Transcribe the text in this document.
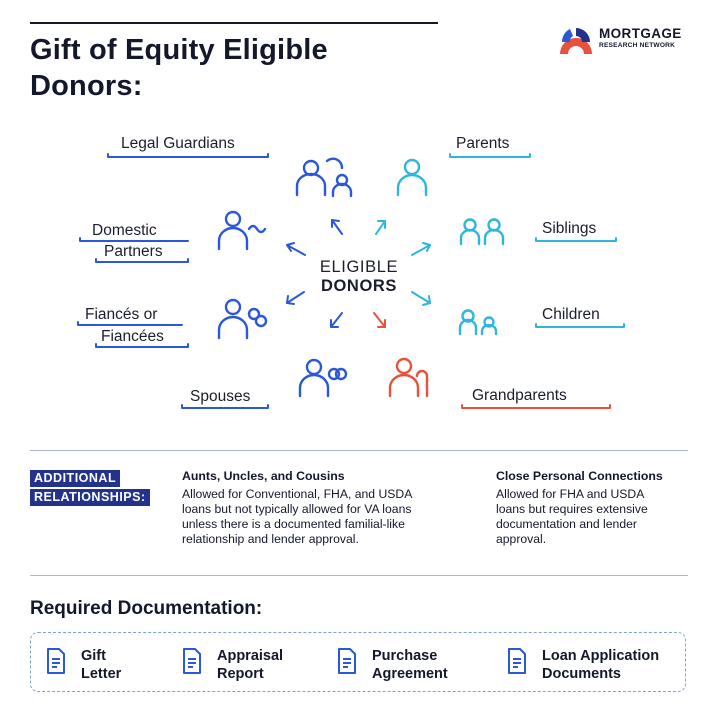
Gift of Equity Eligible
Donors:
MORTGAGE
RESEARCH NETWORK
Legal Guardians	Parents
Domestic
Partners
Siblings
Fiancés or
Fiancées
Children
Spouses	Grandparents
ELIGIBLE
DONORS
ADDITIONAL
RELATIONSHIPS:
Aunts, Uncles, and Cousins
Allowed for Conventional, FHA, and USDA
loans but not typically allowed for VA loans
unless there is a documented familial-like
relationship and lender approval.
Close Personal Connections
Allowed for FHA and USDA
loans but requires extensive
documentation and lender
approval.
Required Documentation:
Gift
Letter
Appraisal
Report
Purchase
Agreement
Loan Application
Documents
